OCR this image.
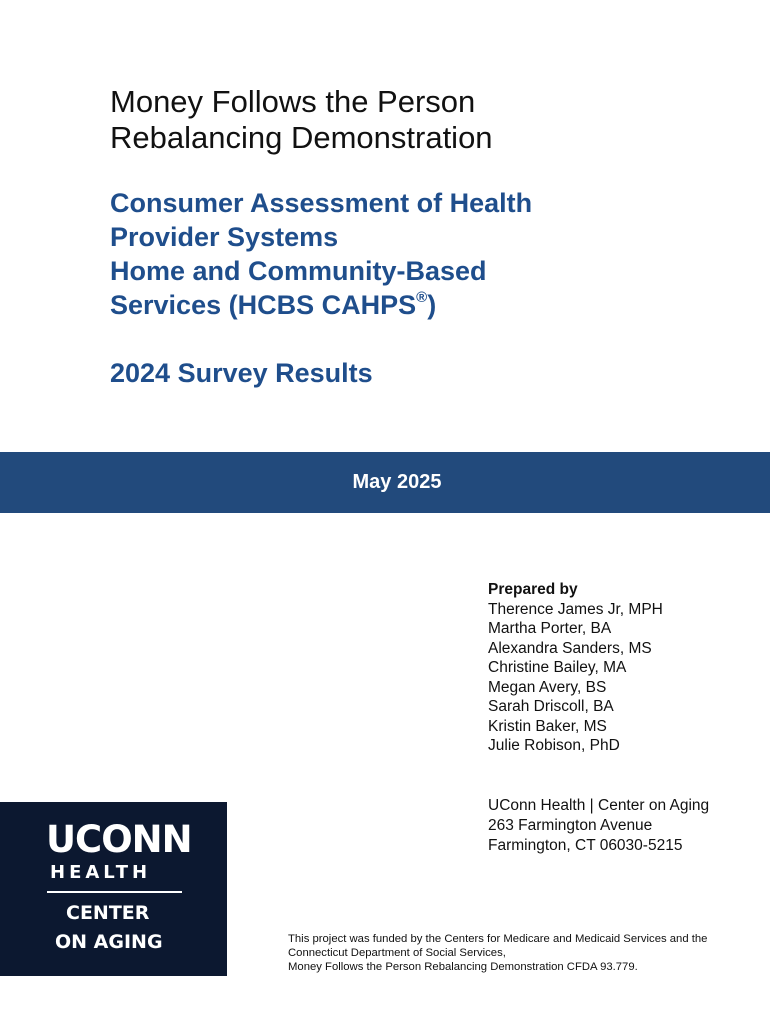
Money Follows the Person

Rebalancing Demonstration

Consumer Assessment of Health
Provider Systems
Home and Community-Based
Services (HCBS CAHPS®)
2024 Survey Results
May 2025
Prepared by
Therence James Jr, MPH
Martha Porter, BA
Alexandra Sanders, MS
Christine Bailey, MA
Megan Avery, BS
Sarah Driscoll, BA
Kristin Baker, MS
Julie Robison, PhD
UConn Health | Center on Aging
263 Farmington Avenue
Farmington, CT 06030-5215
UCONN
HEALTH
CENTER
ON AGING	This project was funded by the Centers for Medicare and Medicaid Services and the
Connecticut Department of Social Services,
Money Follows the Person Rebalancing Demonstration CFDA 93.779.
